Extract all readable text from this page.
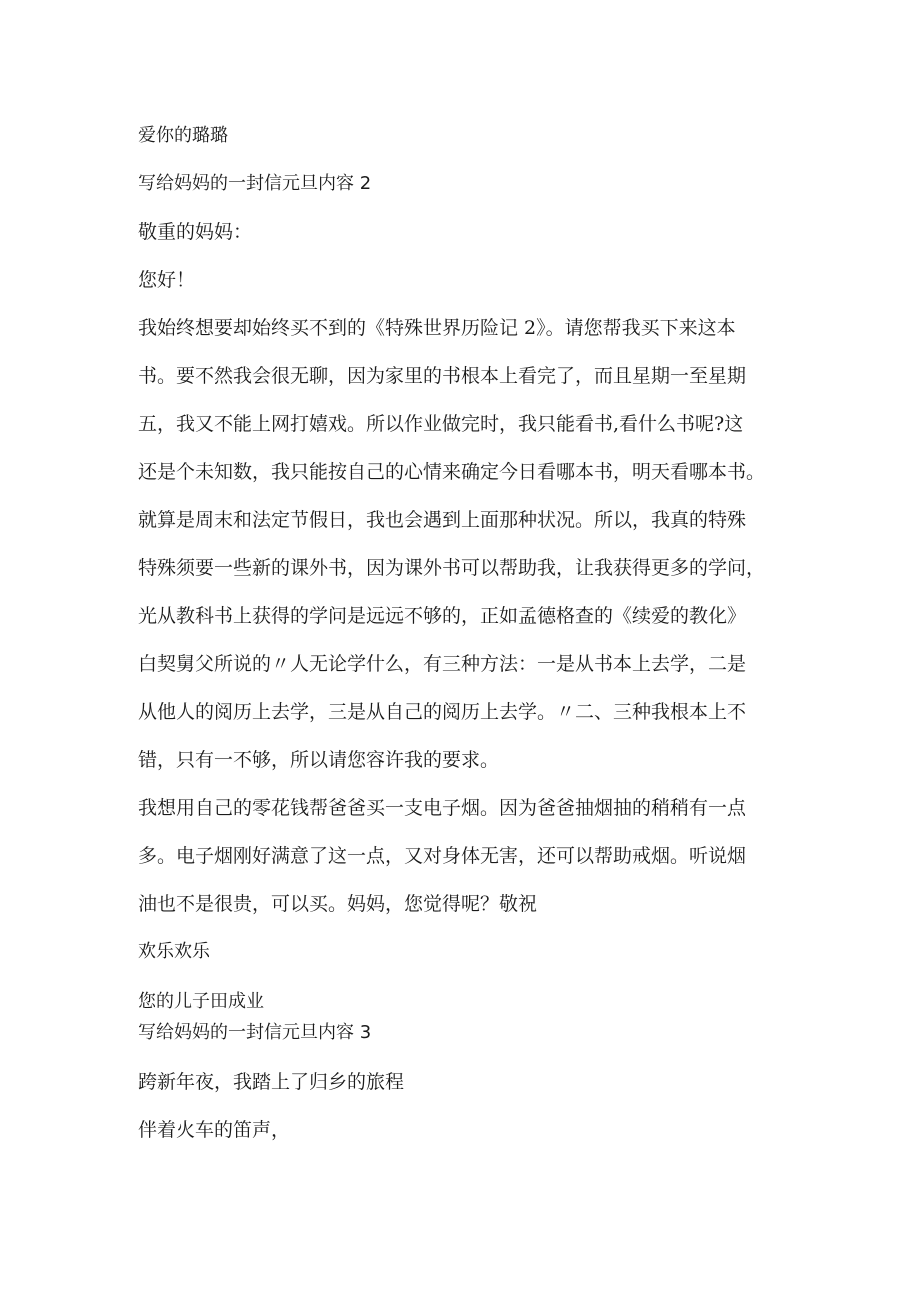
爱你的璐璐
写给妈妈的一封信元旦内容 2
敬重的妈妈：
您好！
我始终想要却始终买不到的《特殊世界历险记 2》。请您帮我买下来这本
书。要不然我会很无聊，因为家里的书根本上看完了，而且星期一至星期
五，我又不能上网打嬉戏。所以作业做完时，我只能看书,看什么书呢?这
还是个未知数，我只能按自己的心情来确定今日看哪本书，明天看哪本书。
就算是周末和法定节假日，我也会遇到上面那种状况。所以，我真的特殊
特殊须要一些新的课外书，因为课外书可以帮助我，让我获得更多的学问，
光从教科书上获得的学问是远远不够的，正如孟德格查的《续爱的教化》
白契舅父所说的〃人无论学什么，有三种方法：一是从书本上去学，二是
从他人的阅历上去学，三是从自己的阅历上去学。〃二、三种我根本上不
错，只有一不够，所以请您容许我的要求。
我想用自己的零花钱帮爸爸买一支电子烟。因为爸爸抽烟抽的稍稍有一点
多。电子烟刚好满意了这一点，又对身体无害，还可以帮助戒烟。听说烟
油也不是很贵，可以买。妈妈，您觉得呢？敬祝
欢乐欢乐
您的儿子田成业
写给妈妈的一封信元旦内容 3
跨新年夜，我踏上了归乡的旅程
伴着火车的笛声，
